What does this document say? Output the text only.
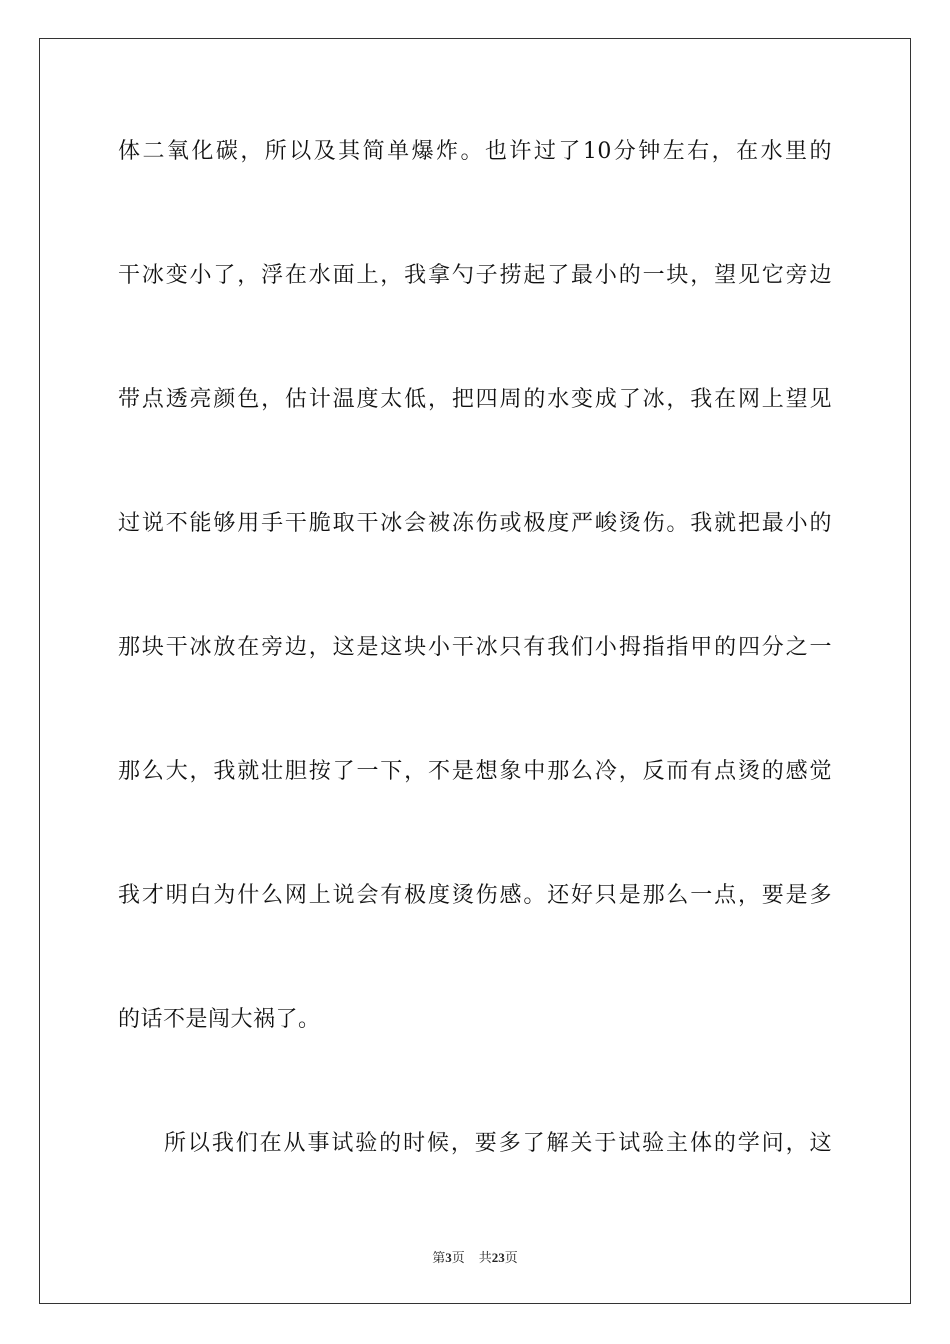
体二氧化碳，所以及其简单爆炸。也许过了10分钟左右，在水里的
干冰变小了，浮在水面上，我拿勺子捞起了最小的一块，望见它旁边
带点透亮颜色，估计温度太低，把四周的水变成了冰，我在网上望见
过说不能够用手干脆取干冰会被冻伤或极度严峻烫伤。我就把最小的
那块干冰放在旁边，这是这块小干冰只有我们小拇指指甲的四分之一
那么大，我就壮胆按了一下，不是想象中那么冷，反而有点烫的感觉
我才明白为什么网上说会有极度烫伤感。还好只是那么一点，要是多
的话不是闯大祸了。
所以我们在从事试验的时候，要多了解关于试验主体的学问，这
第3页 共23页
